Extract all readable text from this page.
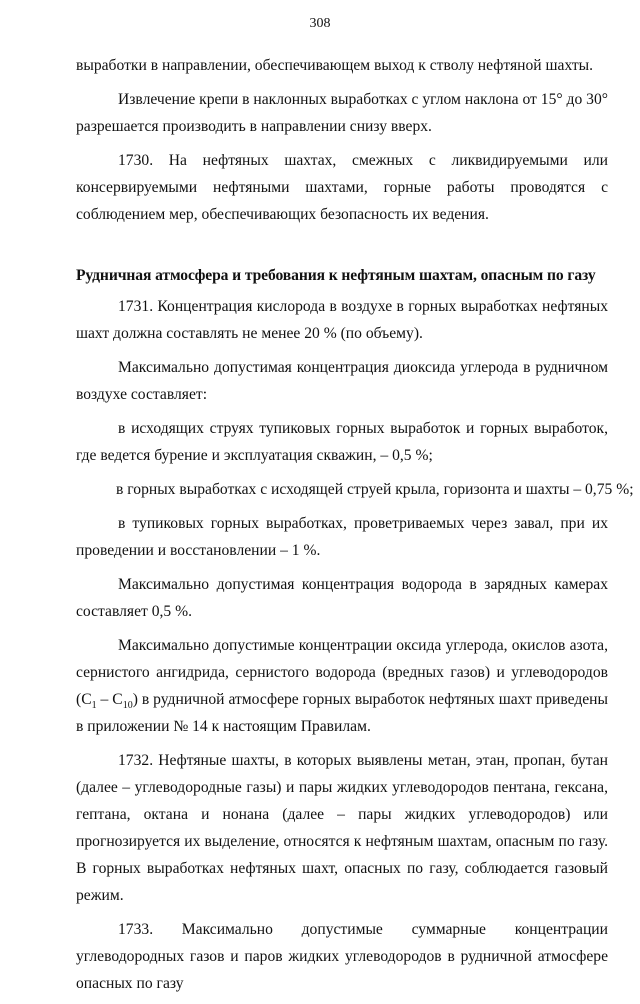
308

выработки в направлении, обеспечивающем выход к стволу нефтяной шахты.

Извлечение крепи в наклонных выработках с углом наклона от 15° до 30° разрешается производить в направлении снизу вверх.

1730. На нефтяных шахтах, смежных с ликвидируемыми или консервируемыми нефтяными шахтами, горные работы проводятся с соблюдением мер, обеспечивающих безопасность их ведения.

Рудничная атмосфера и требования к нефтяным шахтам, опасным по газу

1731. Концентрация кислорода в воздухе в горных выработках нефтяных шахт должна составлять не менее 20 % (по объему).

Максимально допустимая концентрация диоксида углерода в рудничном воздухе составляет:

в исходящих струях тупиковых горных выработок и горных выработок, где ведется бурение и эксплуатация скважин, – 0,5 %;

в горных выработках с исходящей струей крыла, горизонта и шахты – 0,75 %;

в тупиковых горных выработках, проветриваемых через завал, при их проведении и восстановлении – 1 %.

Максимально допустимая концентрация водорода в зарядных камерах составляет 0,5 %.

Максимально допустимые концентрации оксида углерода, окислов азота, сернистого ангидрида, сернистого водорода (вредных газов) и углеводородов $(C_1 - C_{10})$ в рудничной атмосфере горных выработок нефтяных шахт приведены в приложении № 14 к настоящим Правилам.

1732. Нефтяные шахты, в которых выявлены метан, этан, пропан, бутан (далее – углеводородные газы) и пары жидких углеводородов пентана, гексана, гептана, октана и нонана (далее – пары жидких углеводородов) или прогнозируется их выделение, относятся к нефтяным шахтам, опасным по газу. В горных выработках нефтяных шахт, опасных по газу, соблюдается газовый режим.

1733. Максимально допустимые суммарные концентрации углеводородных газов и паров жидких углеводородов в рудничной атмосфере опасных по газу
